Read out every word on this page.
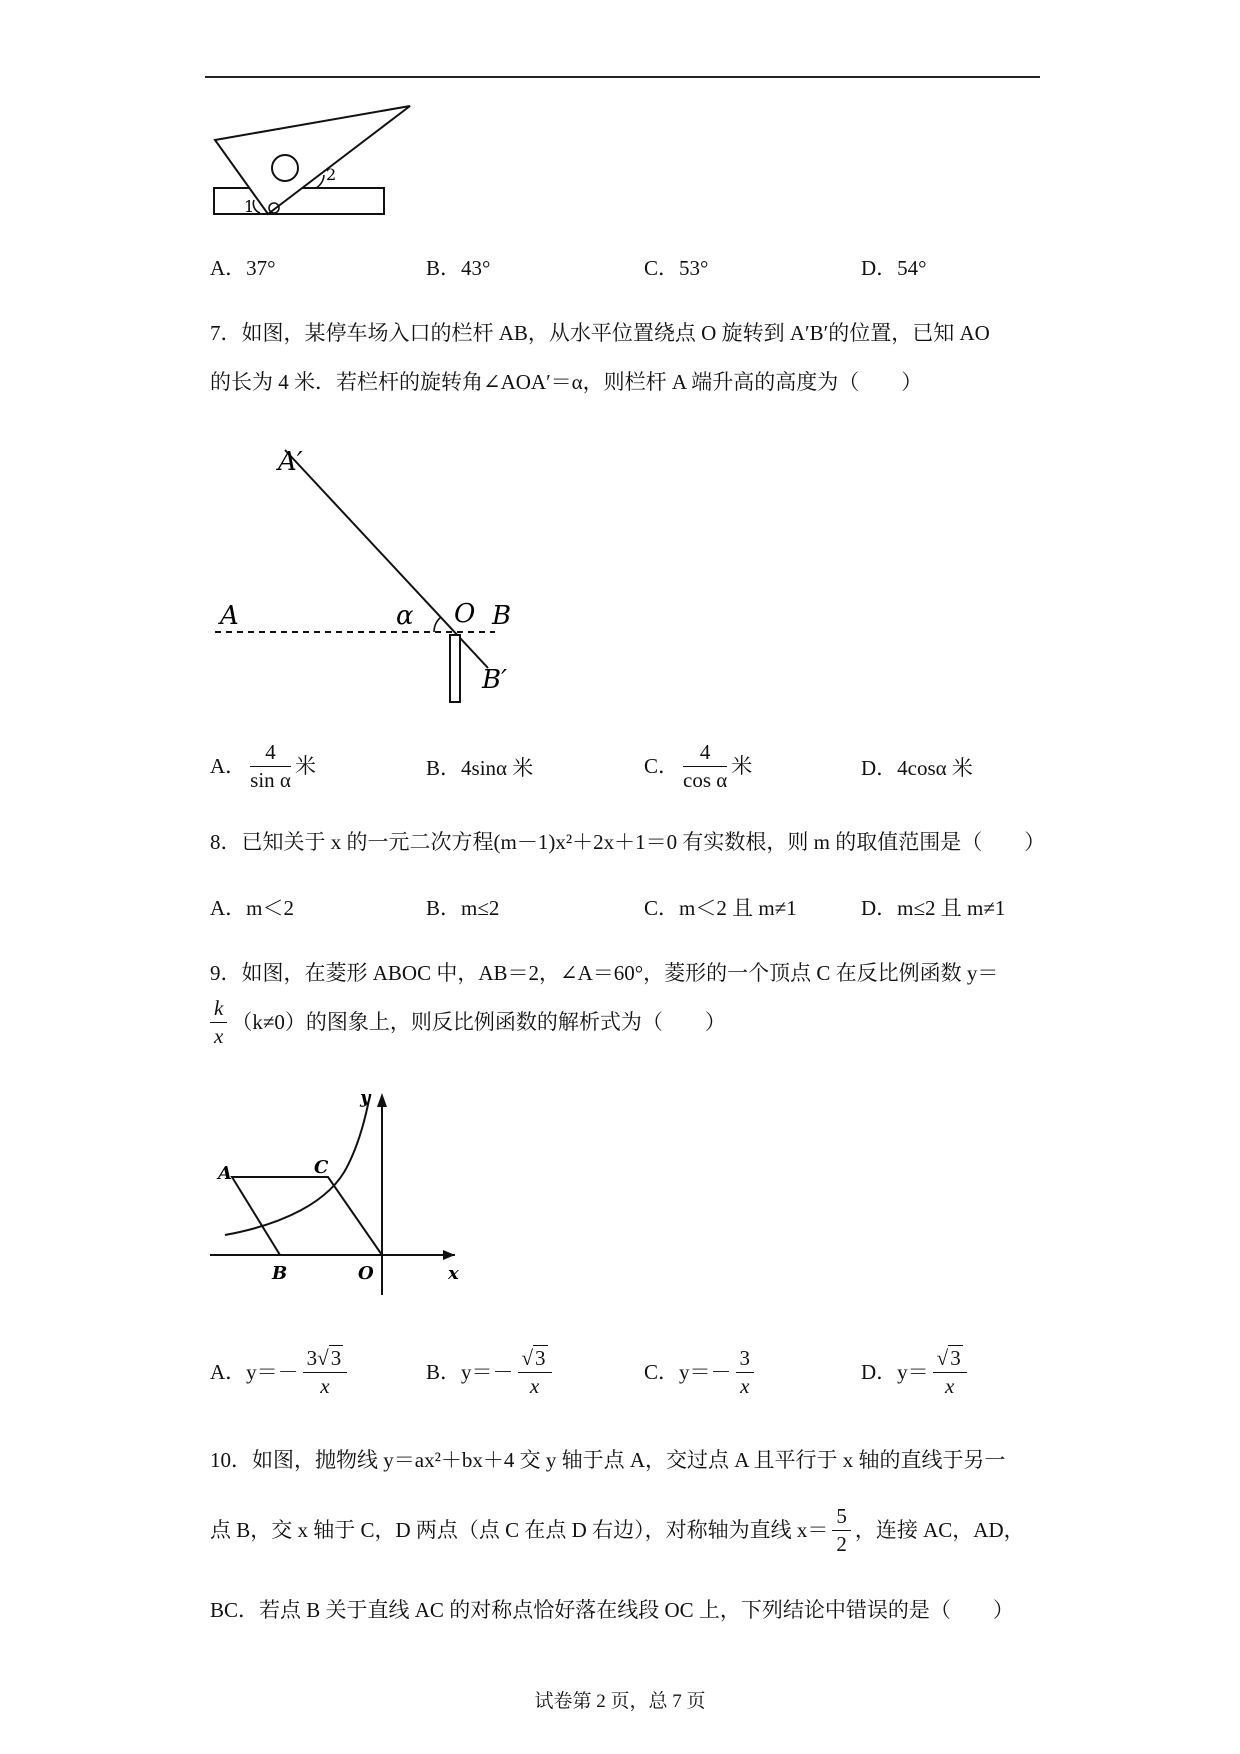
2
1
A．37°	B．43°	C．53°	D．54°
7．如图，某停车场入口的栏杆 AB，从水平位置绕点 O 旋转到 A′B′的位置，已知 AO
的长为 4 米．若栏杆的旋转角∠AOA′＝α，则栏杆 A 端升高的高度为（　　）
A′
A	α O B
B′
A． $\frac{4}{\text{sin α}}$ 米	B．4sinα 米	C． $\frac{4}{\text{cos α}}$ 米	D．4cosα 米
8．已知关于 x 的一元二次方程(m－1)x²＋2x＋1＝0 有实数根，则 m 的取值范围是（　　）
A．m＜2	B．m≤2	C．m＜2 且 m≠1	D．m≤2 且 m≠1
9．如图，在菱形 ABOC 中，AB＝2，∠A＝60°，菱形的一个顶点 C 在反比例函数 y＝
$\frac{k}{x} (k\ne 0)$的图象上，则反比例函数的解析式为（　　）
y
A	C
B	O	x
A．$y=- \frac{3√3}{x}$	B．$y=- \frac{√3}{x}$	C．$y=- \frac{3}{x}$	D．$y= \frac{√3}{x}$
10．如图，抛物线 y＝ax²＋bx＋4 交 y 轴于点 A，交过点 A 且平行于 x 轴的直线于另一
点 B，交 x 轴于 C，D 两点（点 C 在点 D 右边），对称轴为直线 $x= \frac{5}{2}$ ，连接 AC，AD，
BC．若点 B 关于直线 AC 的对称点恰好落在线段 OC 上，下列结论中错误的是（　　）
试卷第 2 页，总 7 页
